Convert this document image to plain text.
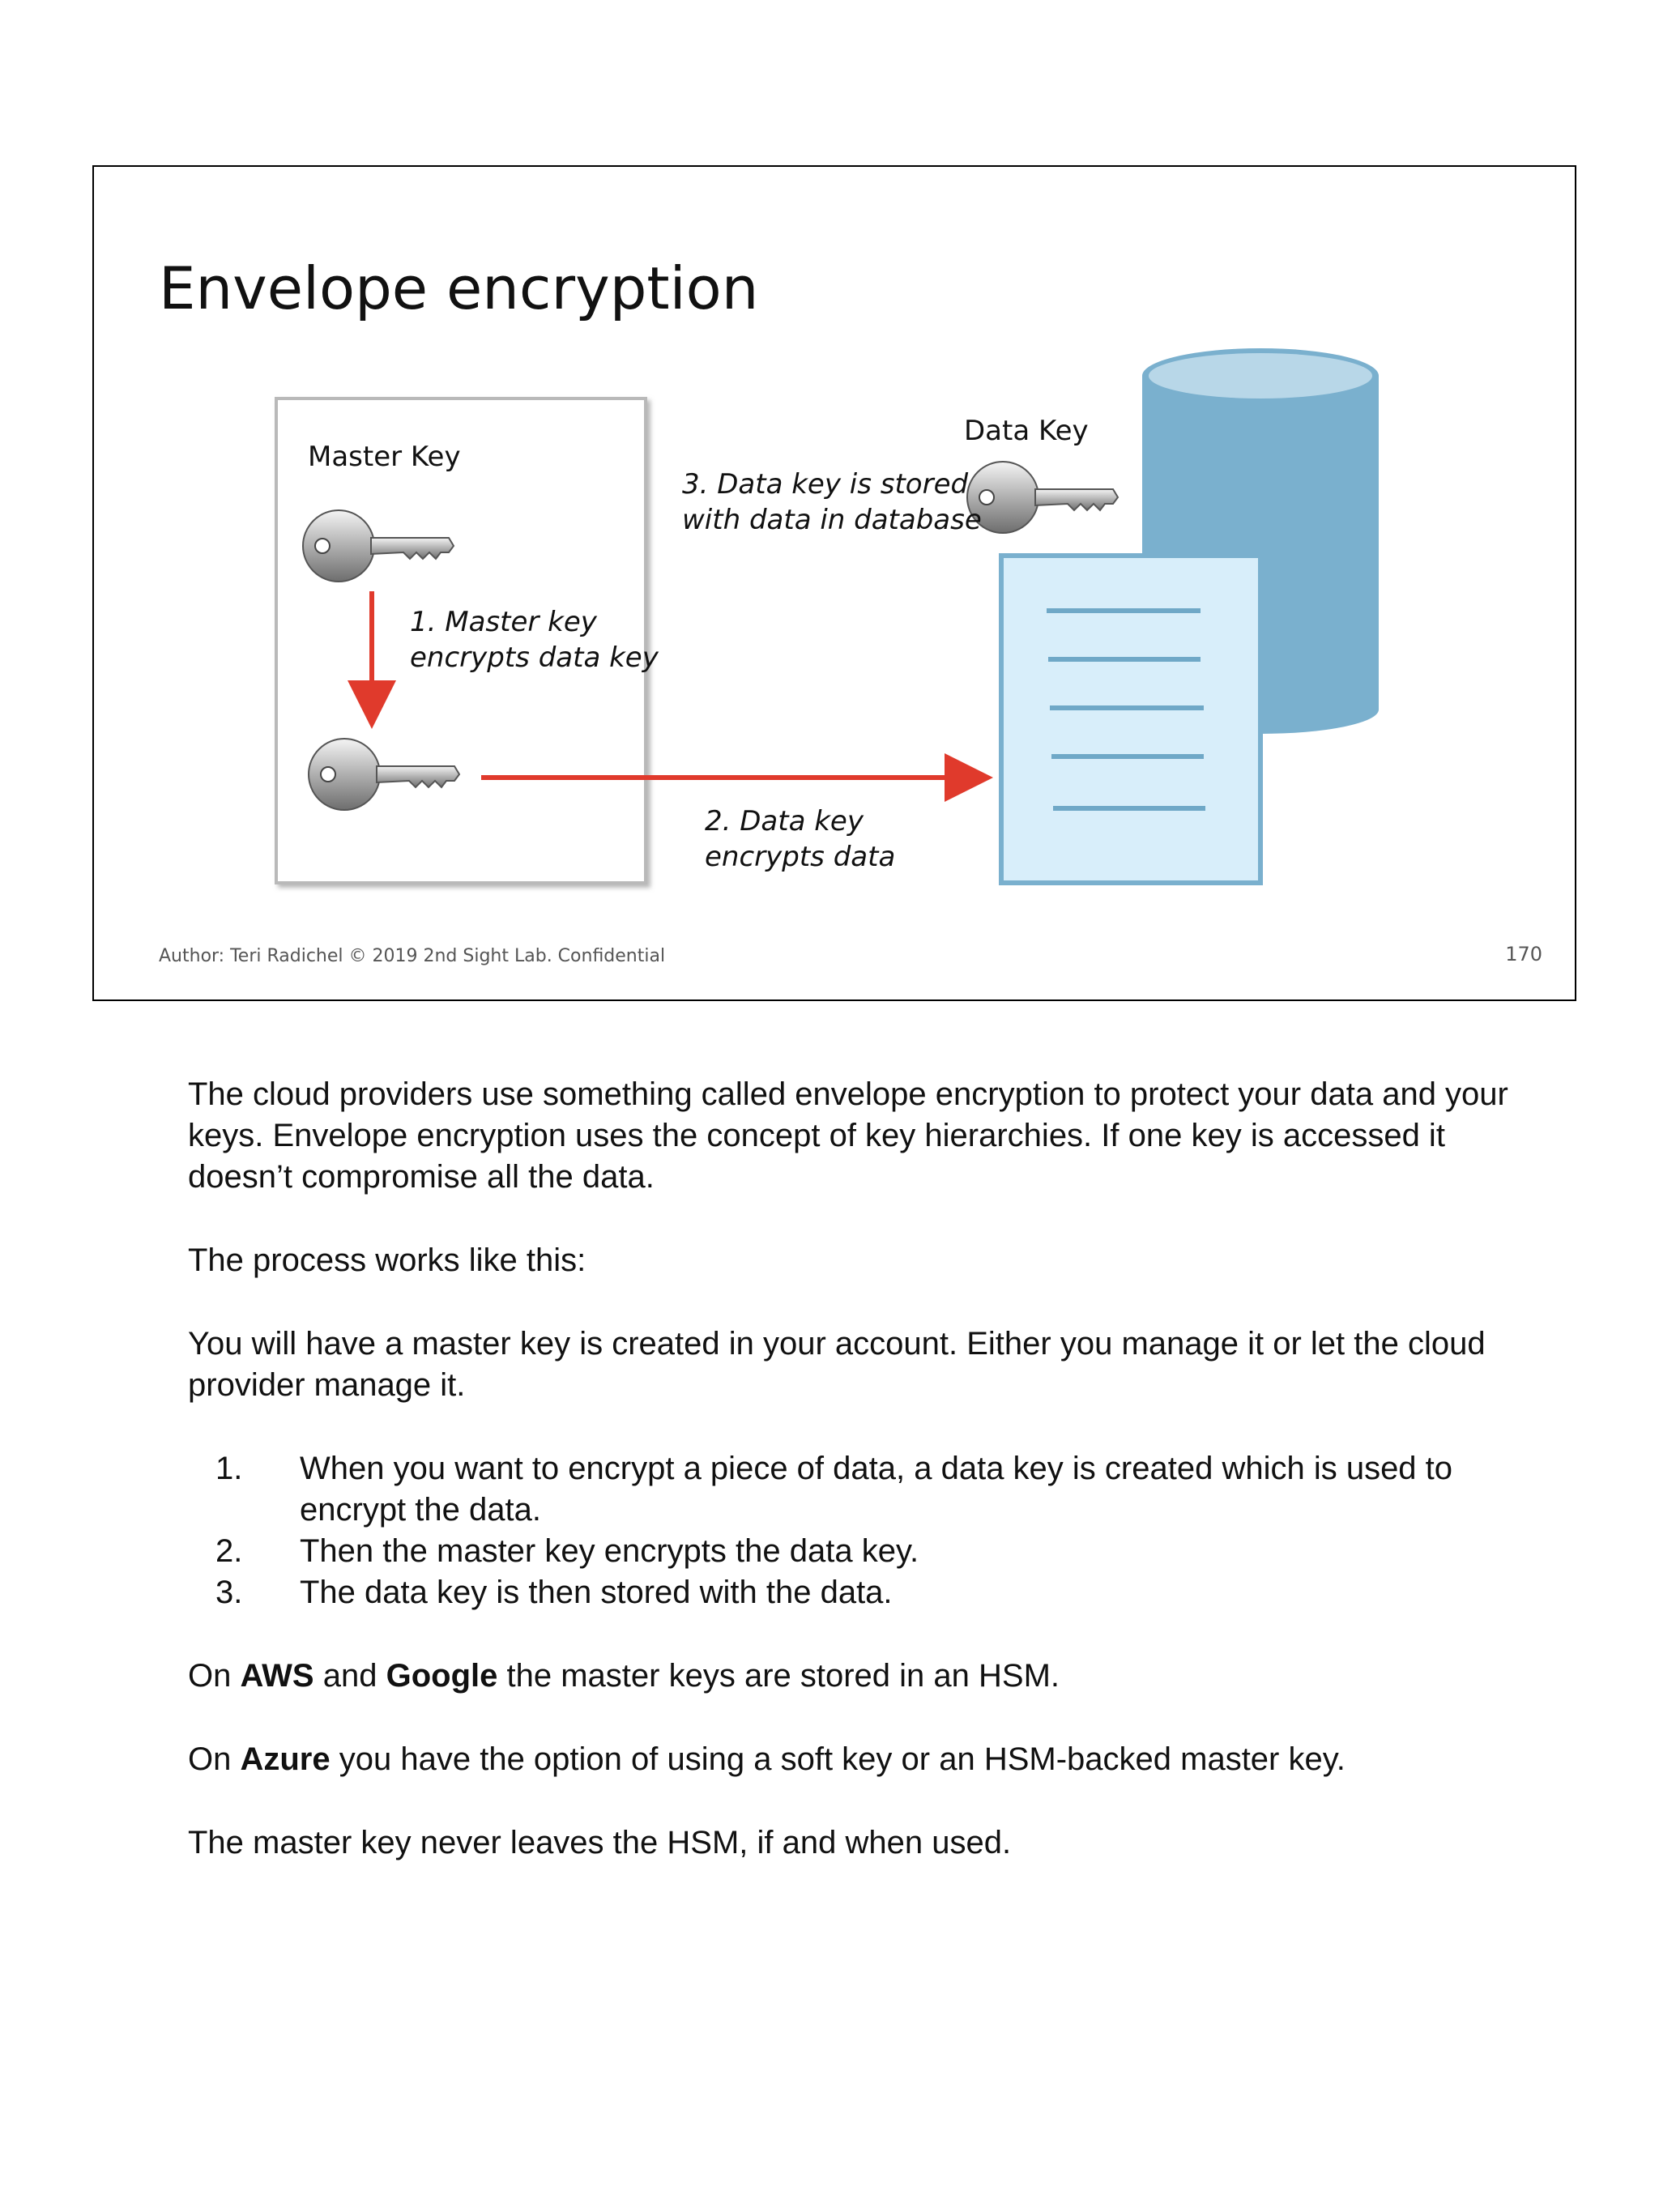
Envelope encryption
Master Key
Data Key
1. Master key
encrypts data key
2. Data key
encrypts data
3. Data key is stored
with data in database
Author: Teri Radichel © 2019 2nd Sight Lab. Confidential	170

The cloud providers use something called envelope encryption to protect your data and your keys. Envelope encryption uses the concept of key hierarchies. If one key is accessed it doesn’t compromise all the data.

The process works like this:

You will have a master key is created in your account. Either you manage it or let the cloud provider manage it.

1. When you want to encrypt a piece of data, a data key is created which is used to encrypt the data.
2. Then the master key encrypts the data key.
3. The data key is then stored with the data.

On AWS and Google the master keys are stored in an HSM.

On Azure you have the option of using a soft key or an HSM-backed master key.

The master key never leaves the HSM, if and when used.
